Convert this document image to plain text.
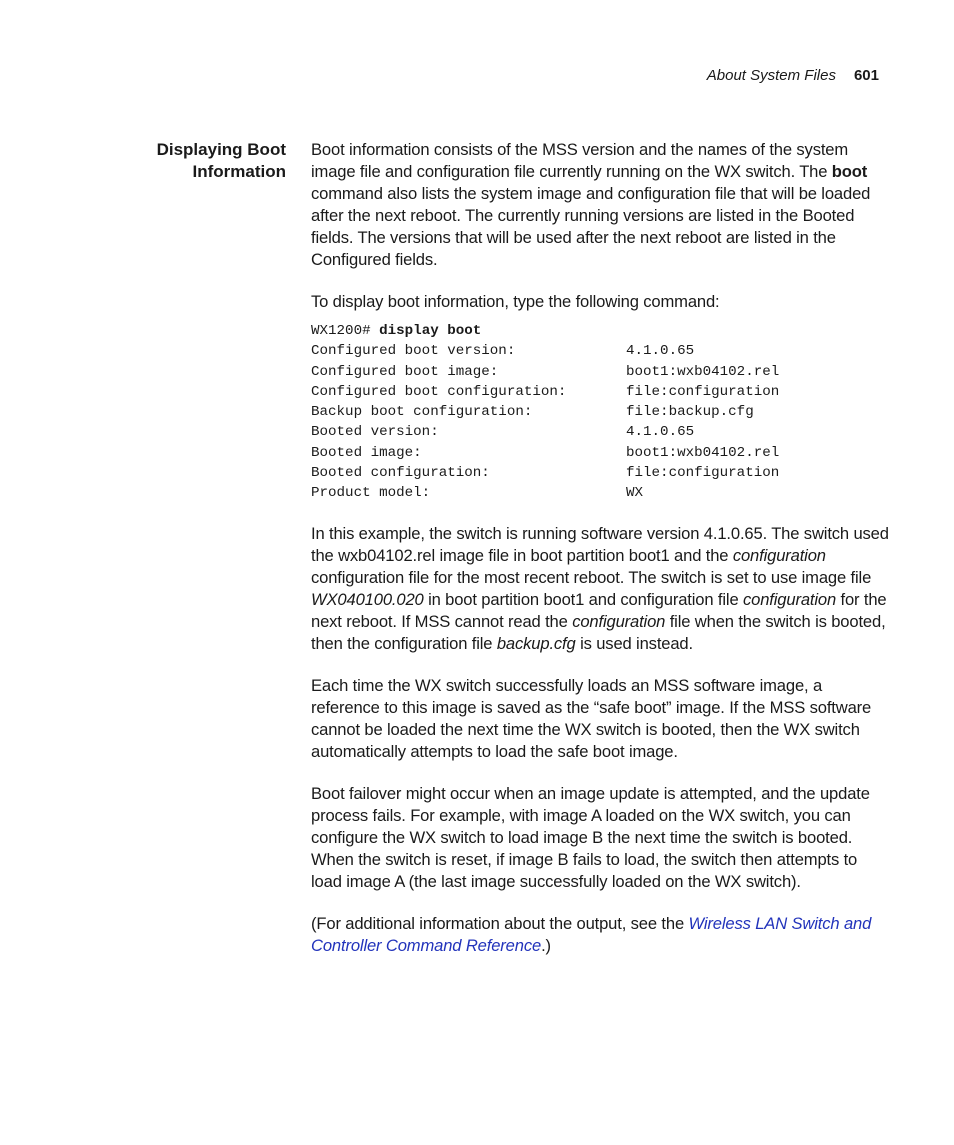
About System Files 601
Displaying Boot
Information

Boot information consists of the MSS version and the names of the system image file and configuration file currently running on the WX switch. The boot command also lists the system image and configuration file that will be loaded after the next reboot. The currently running versions are listed in the Booted fields. The versions that will be used after the next reboot are listed in the Configured fields.

To display boot information, type the following command:

WX1200# display boot
Configured boot version:	4.1.0.65
Configured boot image:	boot1:wxb04102.rel
Configured boot configuration:	file:configuration
Backup boot configuration:	file:backup.cfg
Booted version:	4.1.0.65
Booted image:	boot1:wxb04102.rel
Booted configuration:	file:configuration
Product model:	WX

In this example, the switch is running software version 4.1.0.65. The switch used the wxb04102.rel image file in boot partition boot1 and the configuration configuration file for the most recent reboot. The switch is set to use image file WX040100.020 in boot partition boot1 and configuration file configuration for the next reboot. If MSS cannot read the configuration file when the switch is booted, then the configuration file backup.cfg is used instead.

Each time the WX switch successfully loads an MSS software image, a reference to this image is saved as the “safe boot” image. If the MSS software cannot be loaded the next time the WX switch is booted, then the WX switch automatically attempts to load the safe boot image.

Boot failover might occur when an image update is attempted, and the update process fails. For example, with image A loaded on the WX switch, you can configure the WX switch to load image B the next time the switch is booted. When the switch is reset, if image B fails to load, the switch then attempts to load image A (the last image successfully loaded on the WX switch).

(For additional information about the output, see the Wireless LAN Switch and Controller Command Reference.)
